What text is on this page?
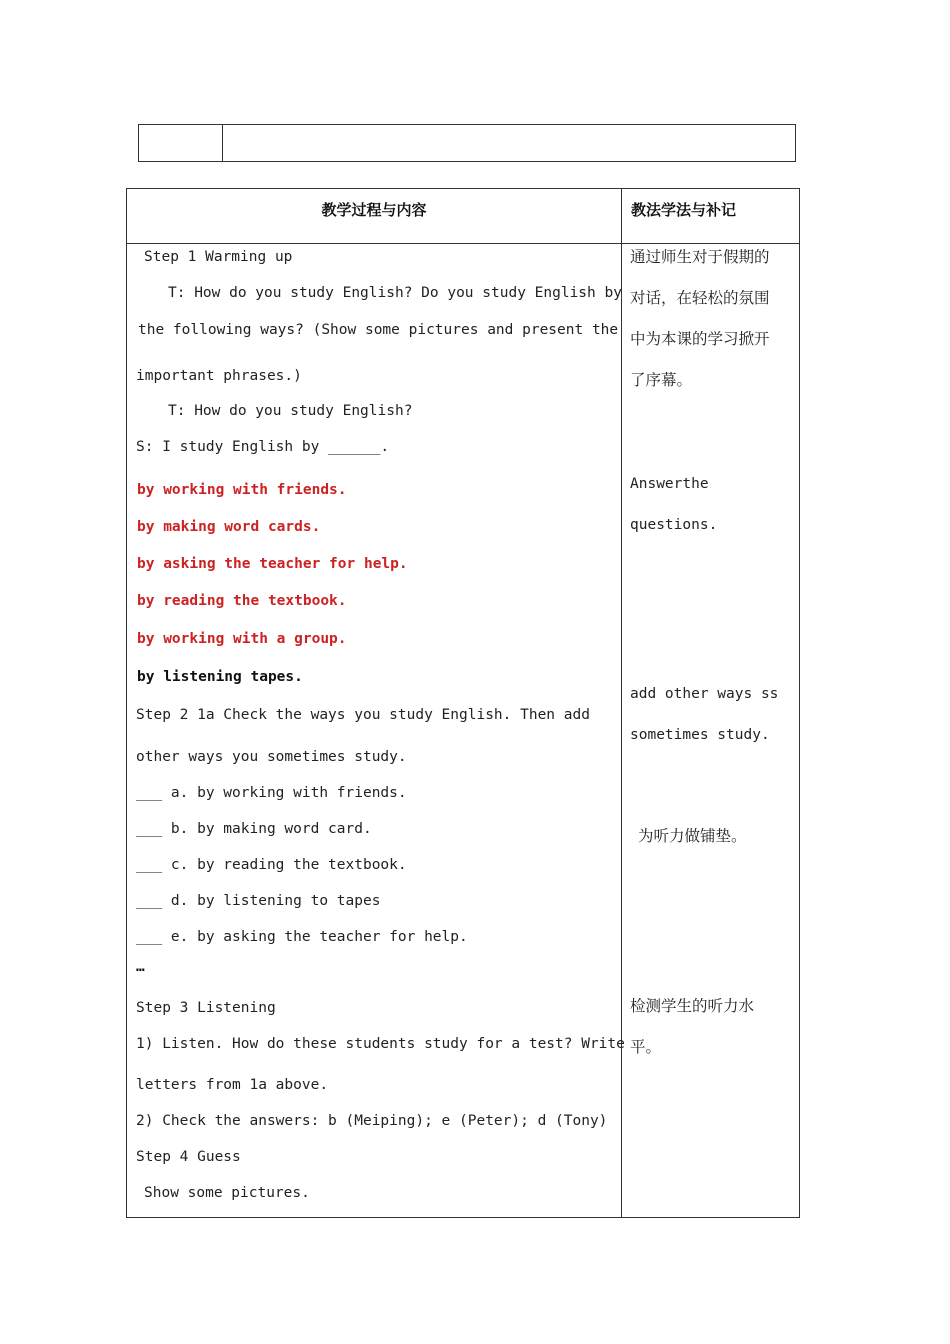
教学过程与内容	教法学法与补记
Step 1 Warming up
T: How do you study English? Do you study English by
the following ways? (Show some pictures and present the
important phrases.)
T: How do you study English?
S: I study English by ______.
by working with friends.
by making word cards.
by asking the teacher for help.
by reading the textbook.
by working with a group.
by listening tapes.
Step 2 1a Check the ways you study English. Then add
other ways you sometimes study.
___ a. by working with friends.
___ b. by making word card.
___ c. by reading the textbook.
___ d. by listening to tapes
___ e. by asking the teacher for help.
…
Step 3 Listening
1) Listen. How do these students study for a test? Write
letters from 1a above.
2) Check the answers: b (Meiping); e (Peter); d (Tony)
Step 4 Guess
Show some pictures.
通过师生对于假期的
对话，在轻松的氛围
中为本课的学习掀开
了序幕。
Answerthe
questions.
add other ways ss
sometimes study.
为听力做铺垫。
检测学生的听力水
平。
